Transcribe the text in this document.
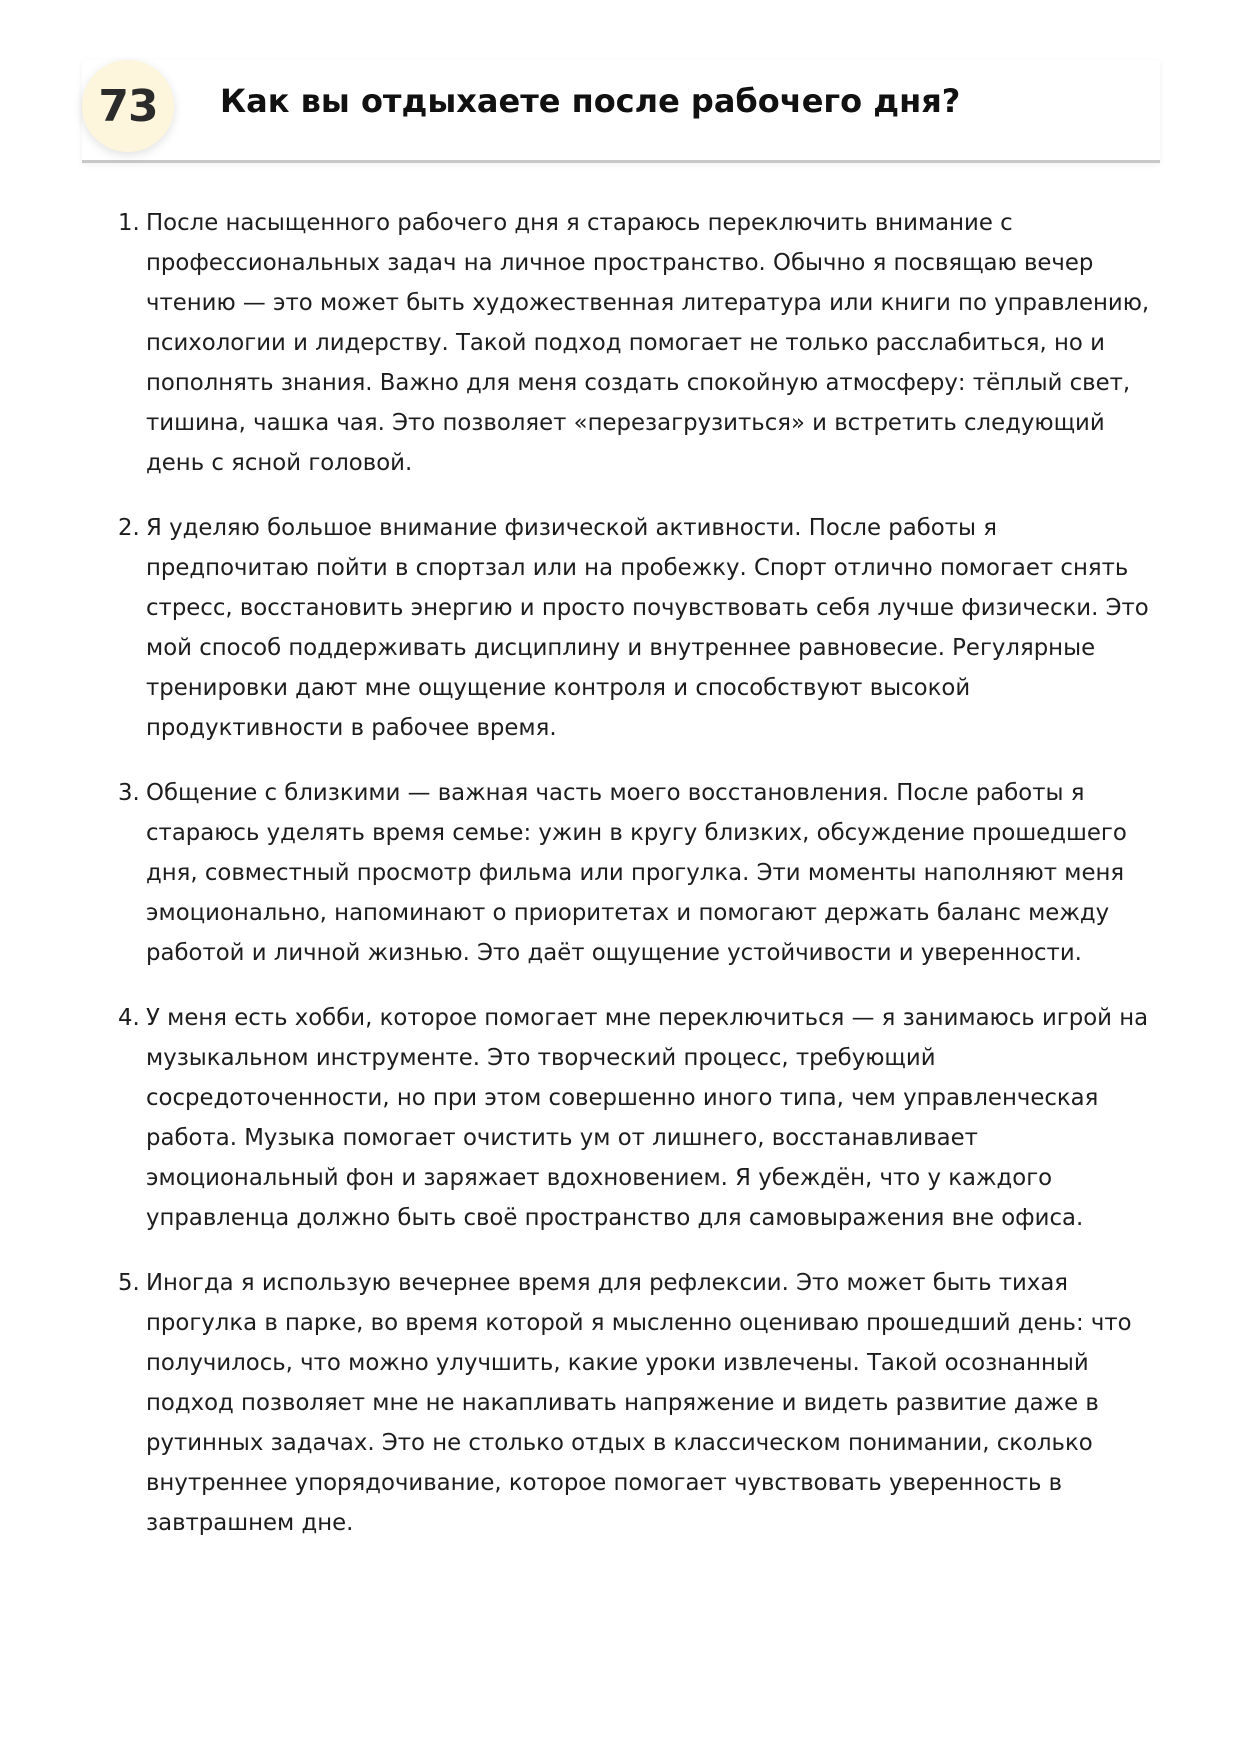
73 Как вы отдыхаете после рабочего дня?
1. После насыщенного рабочего дня я стараюсь переключить внимание с профессиональных задач на личное пространство. Обычно я посвящаю вечер чтению — это может быть художественная литература или книги по управлению, психологии и лидерству. Такой подход помогает не только расслабиться, но и пополнять знания. Важно для меня создать спокойную атмосферу: тёплый свет, тишина, чашка чая. Это позволяет «перезагрузиться» и встретить следующий день с ясной головой.
2. Я уделяю большое внимание физической активности. После работы я предпочитаю пойти в спортзал или на пробежку. Спорт отлично помогает снять стресс, восстановить энергию и просто почувствовать себя лучше физически. Это мой способ поддерживать дисциплину и внутреннее равновесие. Регулярные тренировки дают мне ощущение контроля и способствуют высокой продуктивности в рабочее время.
3. Общение с близкими — важная часть моего восстановления. После работы я стараюсь уделять время семье: ужин в кругу близких, обсуждение прошедшего дня, совместный просмотр фильма или прогулка. Эти моменты наполняют меня эмоционально, напоминают о приоритетах и помогают держать баланс между работой и личной жизнью. Это даёт ощущение устойчивости и уверенности.
4. У меня есть хобби, которое помогает мне переключиться — я занимаюсь игрой на музыкальном инструменте. Это творческий процесс, требующий сосредоточенности, но при этом совершенно иного типа, чем управленческая работа. Музыка помогает очистить ум от лишнего, восстанавливает эмоциональный фон и заряжает вдохновением. Я убеждён, что у каждого управленца должно быть своё пространство для самовыражения вне офиса.
5. Иногда я использую вечернее время для рефлексии. Это может быть тихая прогулка в парке, во время которой я мысленно оцениваю прошедший день: что получилось, что можно улучшить, какие уроки извлечены. Такой осознанный подход позволяет мне не накапливать напряжение и видеть развитие даже в рутинных задачах. Это не столько отдых в классическом понимании, сколько внутреннее упорядочивание, которое помогает чувствовать уверенность в завтрашнем дне.
